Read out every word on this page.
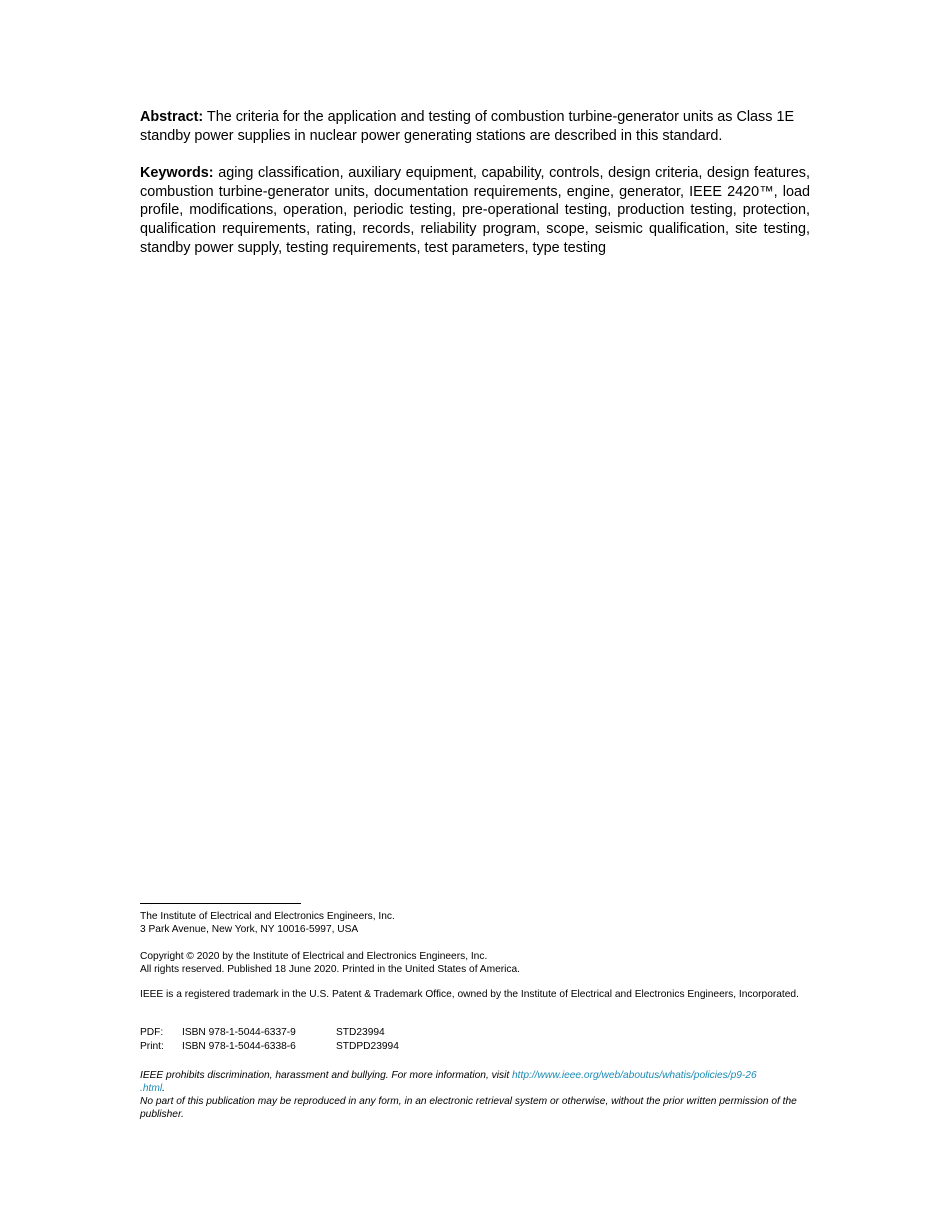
Abstract: The criteria for the application and testing of combustion turbine-generator units as Class 1E standby power supplies in nuclear power generating stations are described in this standard.

Keywords: aging classification, auxiliary equipment, capability, controls, design criteria, design features, combustion turbine-generator units, documentation requirements, engine, generator, IEEE 2420™, load profile, modifications, operation, periodic testing, pre-operational testing, production testing, protection, qualification requirements, rating, records, reliability program, scope, seismic qualification, site testing, standby power supply, testing requirements, test parameters, type testing

The Institute of Electrical and Electronics Engineers, Inc.

3 Park Avenue, New York, NY 10016-5997, USA

Copyright © 2020 by the Institute of Electrical and Electronics Engineers, Inc.

All rights reserved. Published 18 June 2020. Printed in the United States of America.

IEEE is a registered trademark in the U.S. Patent & Trademark Office, owned by the Institute of Electrical and Electronics Engineers, Incorporated.

PDF:	ISBN 978-1-5044-6337-9	STD23994
Print:	ISBN 978-1-5044-6338-6	STDPD23994

IEEE prohibits discrimination, harassment and bullying. For more information, visit http://www.ieee.org/web/aboutus/whatis/policies/p9-26
.html.

No part of this publication may be reproduced in any form, in an electronic retrieval system or otherwise, without the prior written permission of the publisher.
